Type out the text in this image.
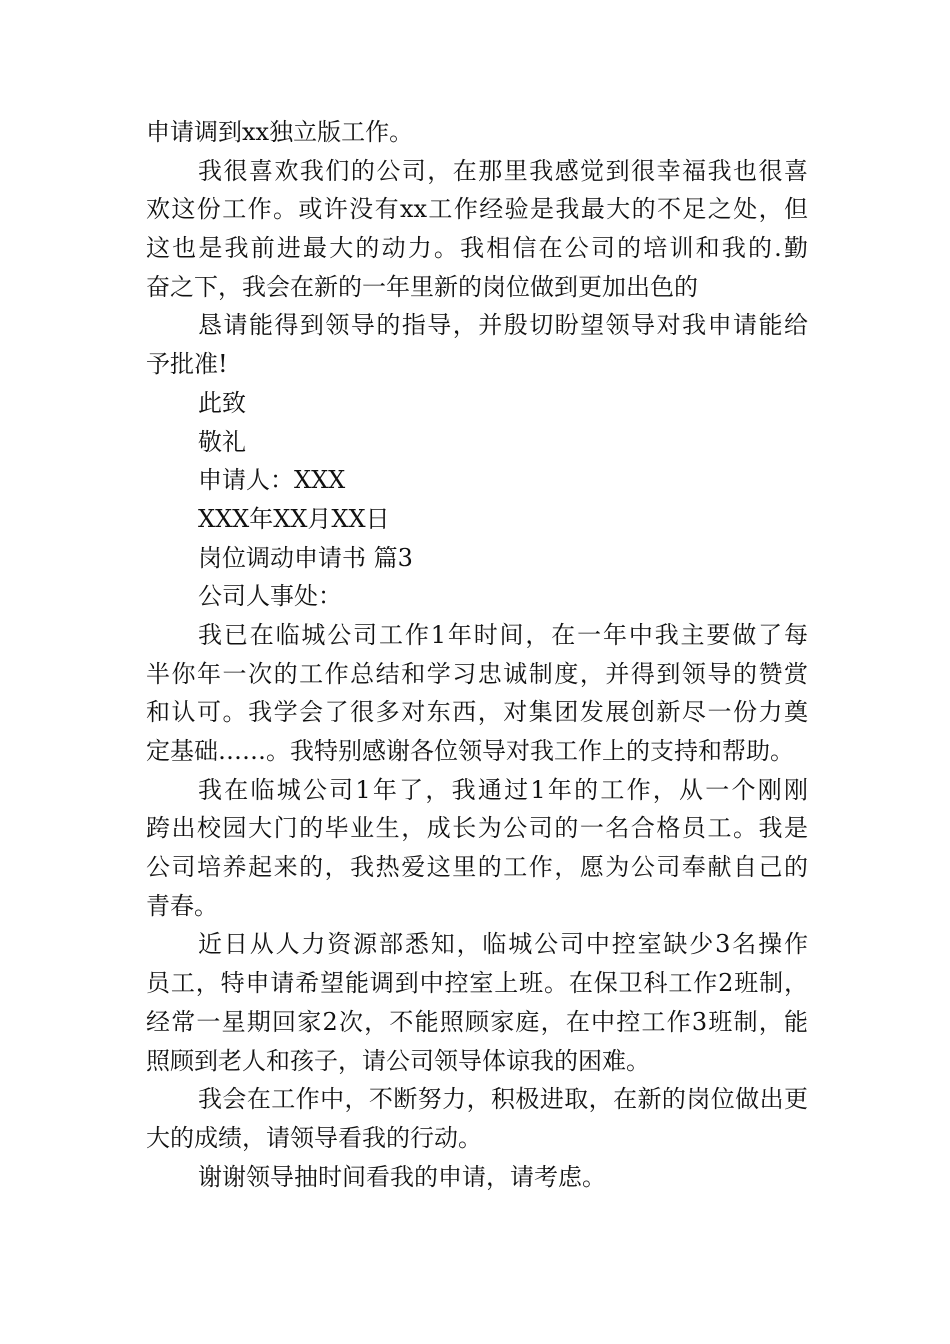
申请调到xx独立版工作。
我很喜欢我们的公司，在那里我感觉到很幸福我也很喜
欢这份工作。或许没有xx工作经验是我最大的不足之处，但
这也是我前进最大的动力。我相信在公司的培训和我的.勤
奋之下，我会在新的一年里新的岗位做到更加出色的
恳请能得到领导的指导，并殷切盼望领导对我申请能给
予批准!
此致
敬礼
申请人：XXX
XXX年XX月XX日
岗位调动申请书 篇3
公司人事处：
我已在临城公司工作1年时间，在一年中我主要做了每
半你年一次的工作总结和学习忠诚制度，并得到领导的赞赏
和认可。我学会了很多对东西，对集团发展创新尽一份力奠
定基础……。我特别感谢各位领导对我工作上的支持和帮助。
我在临城公司1年了，我通过1年的工作，从一个刚刚
跨出校园大门的毕业生，成长为公司的一名合格员工。我是
公司培养起来的，我热爱这里的工作，愿为公司奉献自己的
青春。
近日从人力资源部悉知，临城公司中控室缺少3名操作
员工，特申请希望能调到中控室上班。在保卫科工作2班制，
经常一星期回家2次，不能照顾家庭，在中控工作3班制，能
照顾到老人和孩子，请公司领导体谅我的困难。
我会在工作中，不断努力，积极进取，在新的岗位做出更
大的成绩，请领导看我的行动。
谢谢领导抽时间看我的申请，请考虑。
